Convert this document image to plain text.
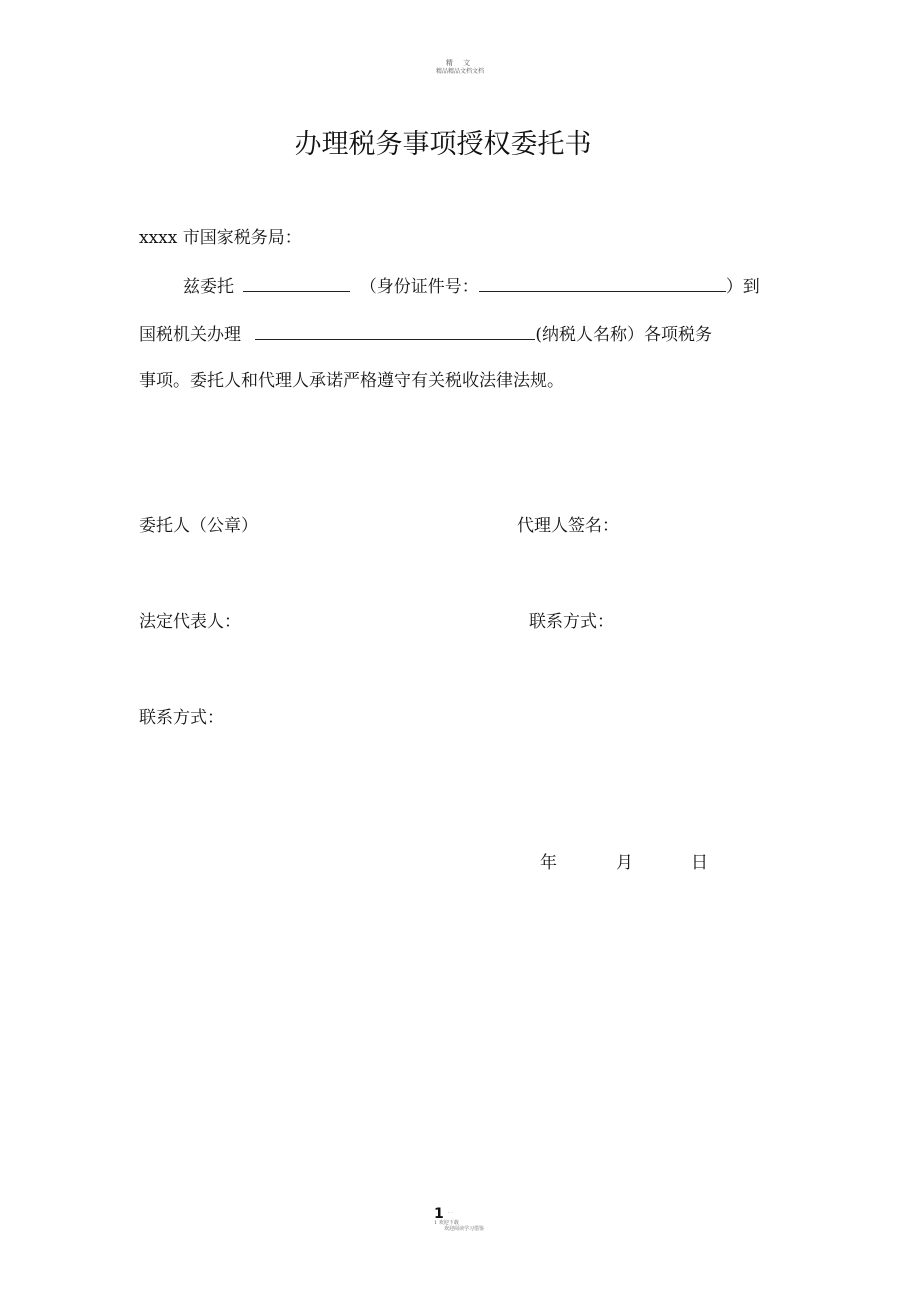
精 文
精品精品文档文档
办理税务事项授权委托书
xxxx 市国家税务局：
兹委托	（身份证件号：	）到
国税机关办理	(纳税人名称）各项税务
事项。委托人和代理人承诺严格遵守有关税收法律法规。
委托人（公章）	代理人签名：
法定代表人：	联系方式：
联系方式：
年	月	日
1 · ·
1 欢迎下载
欢迎阅读学习借鉴
